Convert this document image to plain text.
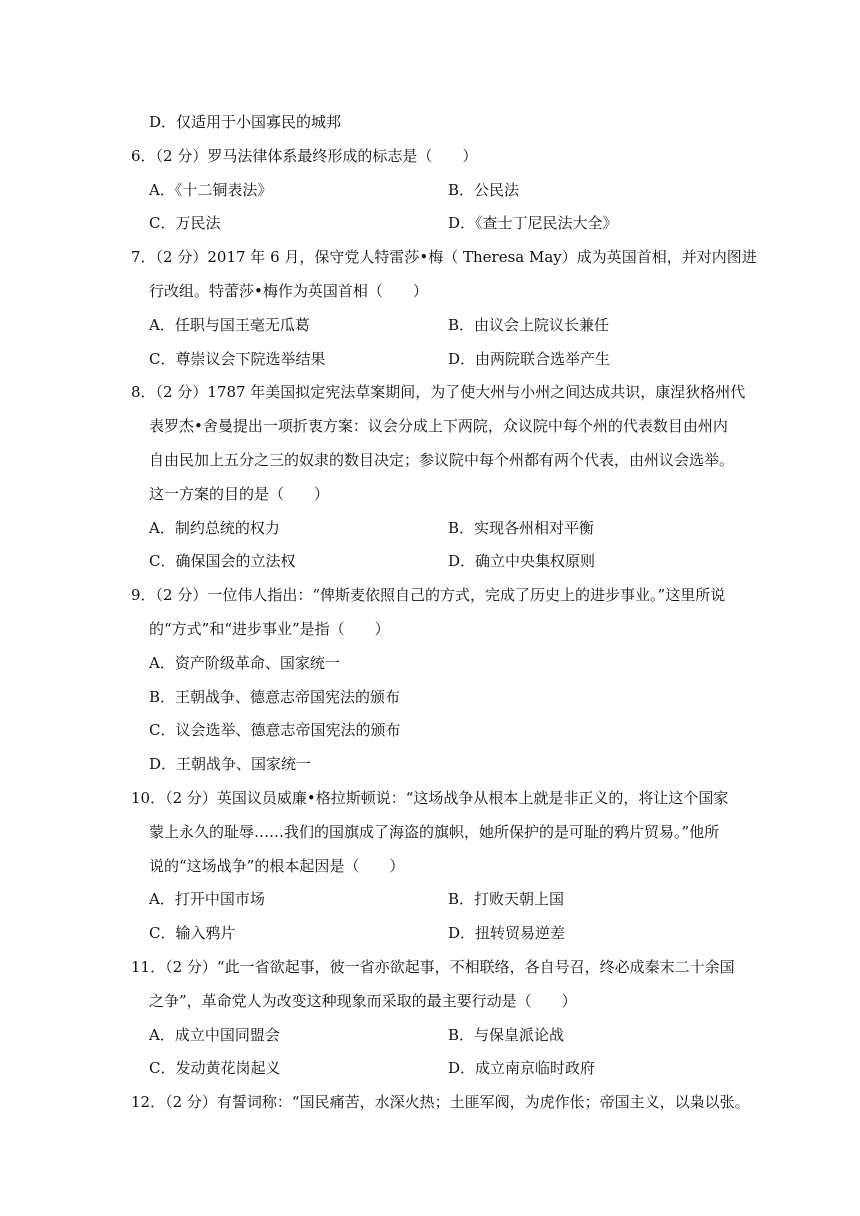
D．仅适用于小国寡民的城邦
6．（2 分）罗马法律体系最终形成的标志是（　　）
A．《十二铜表法》	B．公民法
C．万民法	D．《查士丁尼民法大全》
7．（2 分）2017 年 6 月，保守党人特雷莎•梅（ Theresa May）成为英国首相，并对内图进
行改组。特蕾莎•梅作为英国首相（　　）
A．任职与国王毫无瓜葛	B．由议会上院议长兼任
C．尊崇议会下院选举结果	D．由两院联合选举产生
8．（2 分）1787 年美国拟定宪法草案期间，为了使大州与小州之间达成共识，康涅狄格州代
表罗杰•舍曼提出一项折衷方案：议会分成上下两院，众议院中每个州的代表数目由州内
自由民加上五分之三的奴隶的数目决定；参议院中每个州都有两个代表，由州议会选举。
这一方案的目的是（　　）
A．制约总统的权力	B．实现各州相对平衡
C．确保国会的立法权	D．确立中央集权原则
9．（2 分）一位伟人指出：“俾斯麦依照自己的方式，完成了历史上的进步事业。”这里所说
的“方式”和“进步事业”是指（　　）
A．资产阶级革命、国家统一
B．王朝战争、德意志帝国宪法的颁布
C．议会选举、德意志帝国宪法的颁布
D．王朝战争、国家统一
10．（2 分）英国议员威廉•格拉斯顿说：“这场战争从根本上就是非正义的，将让这个国家
蒙上永久的耻辱……我们的国旗成了海盗的旗帜，她所保护的是可耻的鸦片贸易。”他所
说的“这场战争”的根本起因是（　　）
A．打开中国市场	B．打败天朝上国
C．输入鸦片	D．扭转贸易逆差
11．（2 分）“此一省欲起事，彼一省亦欲起事，不相联络，各自号召，终必成秦末二十余国
之争”，革命党人为改变这种现象而采取的最主要行动是（　　）
A．成立中国同盟会	B．与保皇派论战
C．发动黄花岗起义	D．成立南京临时政府
12．（2 分）有誓词称：“国民痛苦，水深火热；土匪军阀，为虎作伥；帝国主义，以枭以张。
